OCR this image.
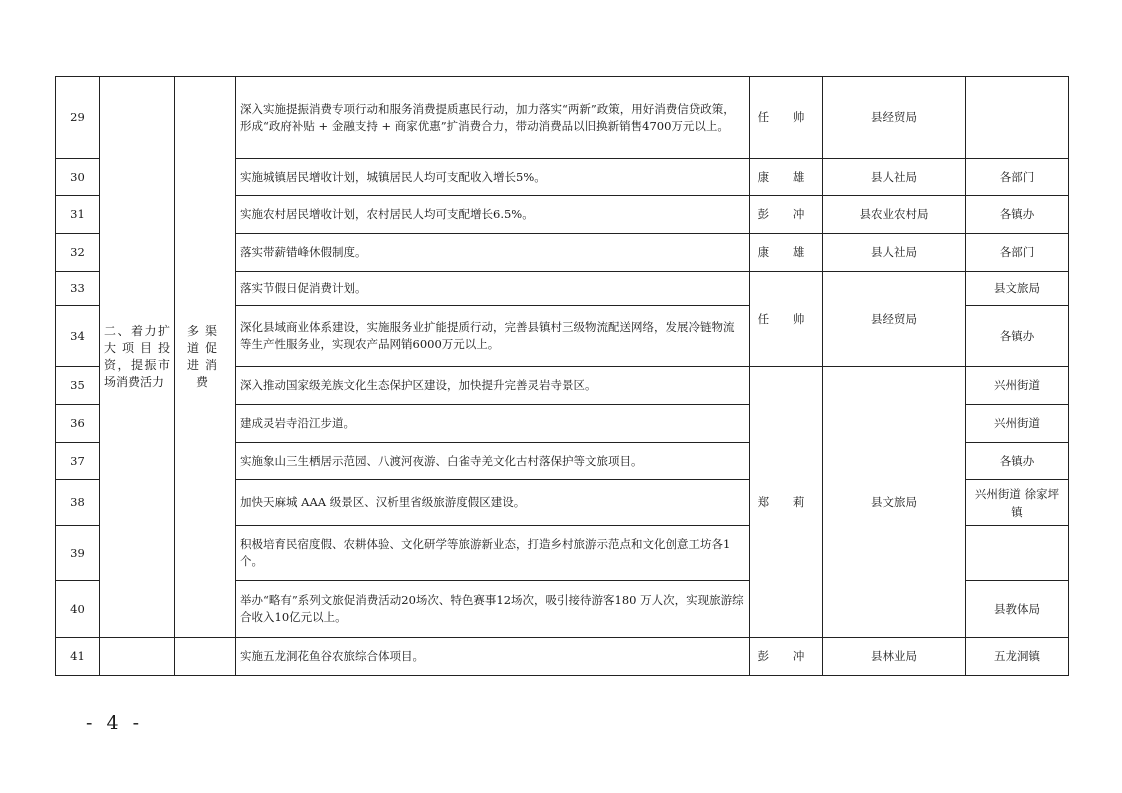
29	二、着力扩大项目投资，提振市场消费活力	多渠道促进消费	深入实施提振消费专项行动和服务消费提质惠民行动，加力落实“两新”政策，用好消费信贷政策，形成“政府补贴 + 金融支持 + 商家优惠”扩消费合力，带动消费品以旧换新销售4700万元以上。	任 帅	县经贸局	
30			实施城镇居民增收计划，城镇居民人均可支配收入增长5%。	康 雄	县人社局	各部门
31			实施农村居民增收计划，农村居民人均可支配增长6.5%。	彭 冲	县农业农村局	各镇办
32			落实带薪错峰休假制度。	康 雄	县人社局	各部门
33			落实节假日促消费计划。	任 帅	县经贸局	县文旅局
34			深化县域商业体系建设，实施服务业扩能提质行动，完善县镇村三级物流配送网络，发展冷链物流等生产性服务业，实现农产品网销6000万元以上。			各镇办
35			深入推动国家级羌族文化生态保护区建设，加快提升完善灵岩寺景区。	郑 莉	县文旅局	兴州街道
36			建成灵岩寺沿江步道。			兴州街道
37			实施象山三生栖居示范园、八渡河夜游、白雀寺羌文化古村落保护等文旅项目。			各镇办
38			加快天麻城 AAA 级景区、汉析里省级旅游度假区建设。			兴州街道 徐家坪镇
39			积极培育民宿度假、农耕体验、文化研学等旅游新业态，打造乡村旅游示范点和文化创意工坊各1个。			
40			举办“略有”系列文旅促消费活动20场次、特色赛事12场次，吸引接待游客180 万人次，实现旅游综合收入10亿元以上。			县教体局
41			实施五龙洞花鱼谷农旅综合体项目。	彭 冲	县林业局	五龙洞镇
- 4 -
